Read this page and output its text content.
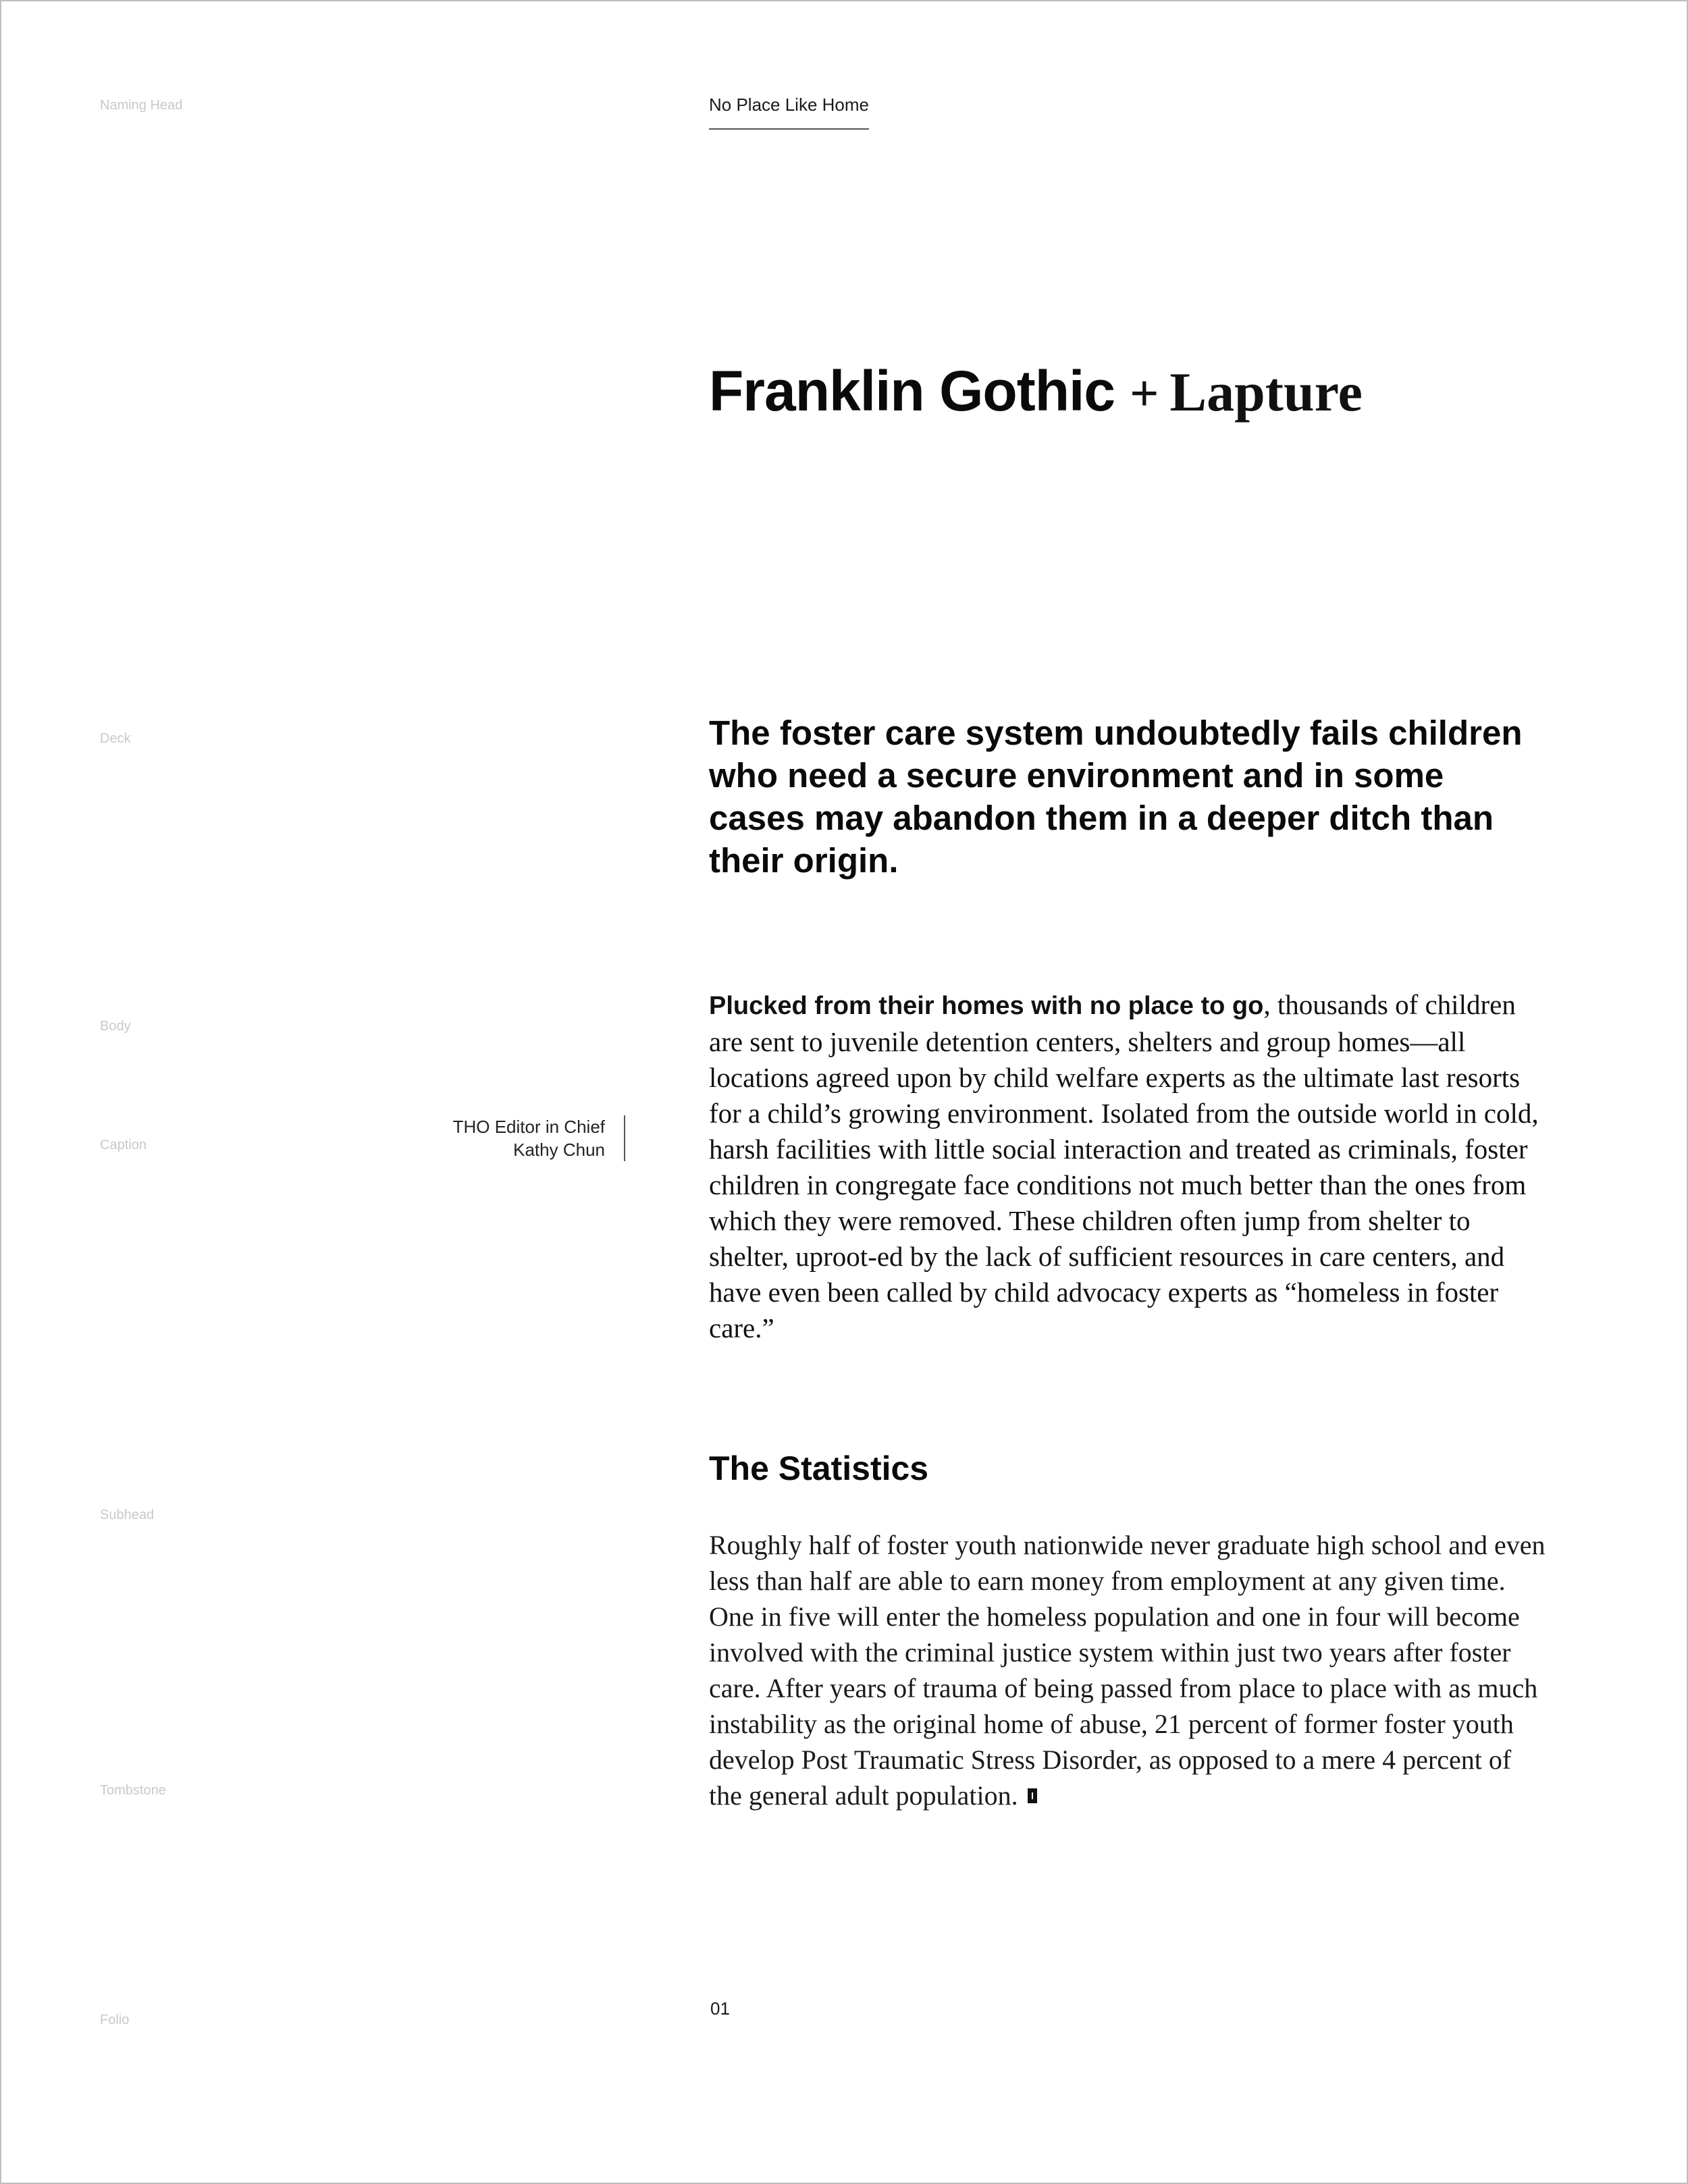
Naming Head

Deck

Body

Caption

Subhead

Tombstone

Folio

No Place Like Home
Franklin Gothic + Lapture

The foster care system undoubtedly fails children who need a secure environment and in some cases may abandon them in a deeper ditch than their origin.

Plucked from their homes with no place to go, thousands of children are sent to juvenile detention centers, shelters and group homes—all locations agreed upon by child welfare experts as the ultimate last resorts for a child’s growing environment. Isolated from the outside world in cold, harsh facilities with little social interaction and treated as criminals, foster children in congregate face conditions not much better than the ones from which they were removed. These children often jump from shelter to shelter, uproot-ed by the lack of sufficient resources in care centers, and have even been called by child advocacy experts as “homeless in foster care.”

THO Editor in Chief
Kathy Chun
The Statistics

Roughly half of foster youth nationwide never graduate high school and even less than half are able to earn money from employment at any given time. One in five will enter the homeless population and one in four will become involved with the criminal justice system within just two years after foster care. After years of trauma of being passed from place to place with as much instability as the original home of abuse, 21 percent of former foster youth develop Post Traumatic Stress Disorder, as opposed to a mere 4 percent of the general adult population.

01
